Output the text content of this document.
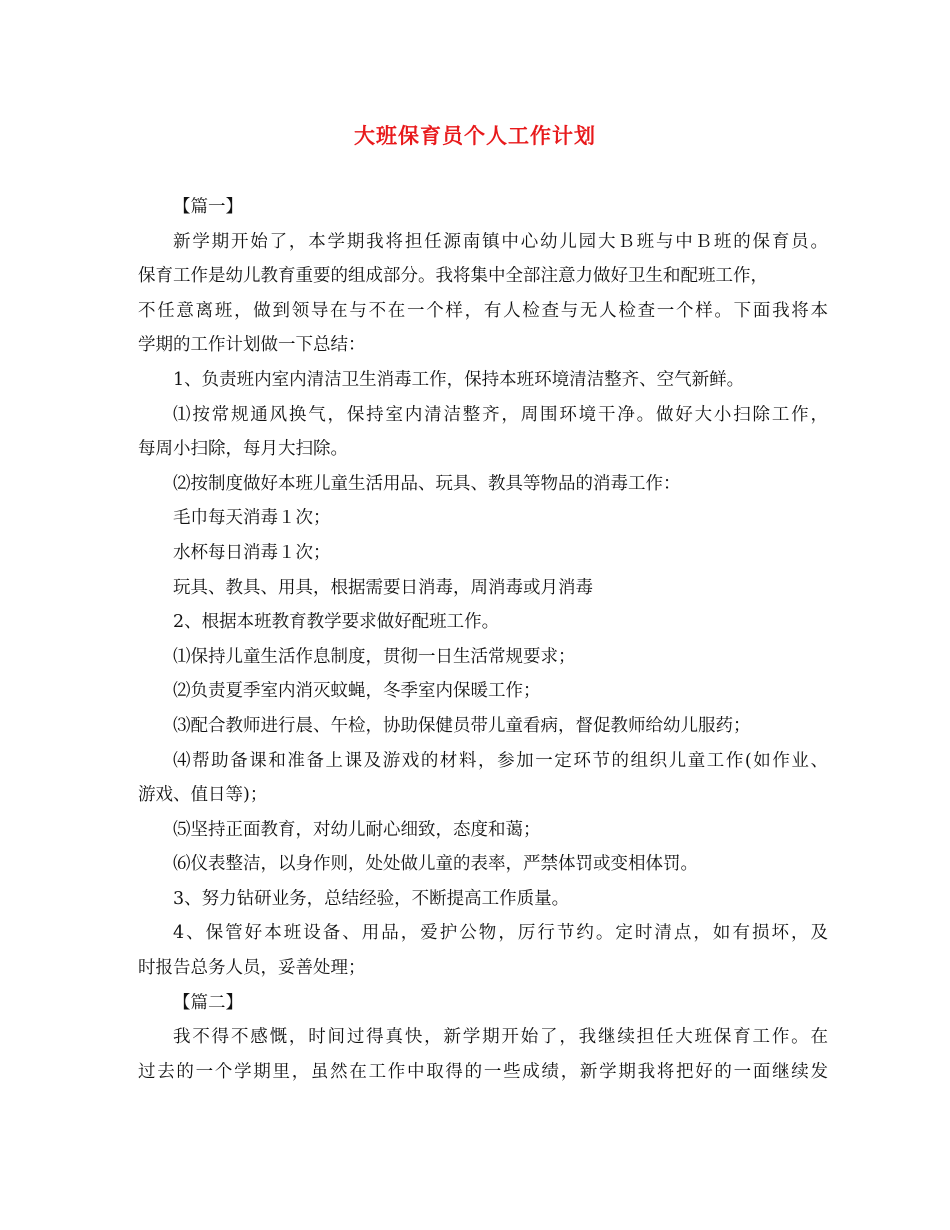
大班保育员个人工作计划
【篇一】
新学期开始了，本学期我将担任源南镇中心幼儿园大Ｂ班与中Ｂ班的保育员。
保育工作是幼儿教育重要的组成部分。我将集中全部注意力做好卫生和配班工作，
不任意离班，做到领导在与不在一个样，有人检查与无人检查一个样。下面我将本
学期的工作计划做一下总结：
1、负责班内室内清洁卫生消毒工作，保持本班环境清洁整齐、空气新鲜。
⑴按常规通风换气，保持室内清洁整齐，周围环境干净。做好大小扫除工作，
每周小扫除，每月大扫除。
⑵按制度做好本班儿童生活用品、玩具、教具等物品的消毒工作：
毛巾每天消毒１次；
水杯每日消毒１次；
玩具、教具、用具，根据需要日消毒，周消毒或月消毒
2、根据本班教育教学要求做好配班工作。
⑴保持儿童生活作息制度，贯彻一日生活常规要求；
⑵负责夏季室内消灭蚊蝇，冬季室内保暖工作；
⑶配合教师进行晨、午检，协助保健员带儿童看病，督促教师给幼儿服药；
⑷帮助备课和准备上课及游戏的材料，参加一定环节的组织儿童工作(如作业、
游戏、值日等)；
⑸坚持正面教育，对幼儿耐心细致，态度和蔼；
⑹仪表整洁，以身作则，处处做儿童的表率，严禁体罚或变相体罚。
3、努力钻研业务，总结经验，不断提高工作质量。
4、保管好本班设备、用品，爱护公物，厉行节约。定时清点，如有损坏，及
时报告总务人员，妥善处理；
【篇二】
我不得不感慨，时间过得真快，新学期开始了，我继续担任大班保育工作。在
过去的一个学期里，虽然在工作中取得的一些成绩，新学期我将把好的一面继续发
